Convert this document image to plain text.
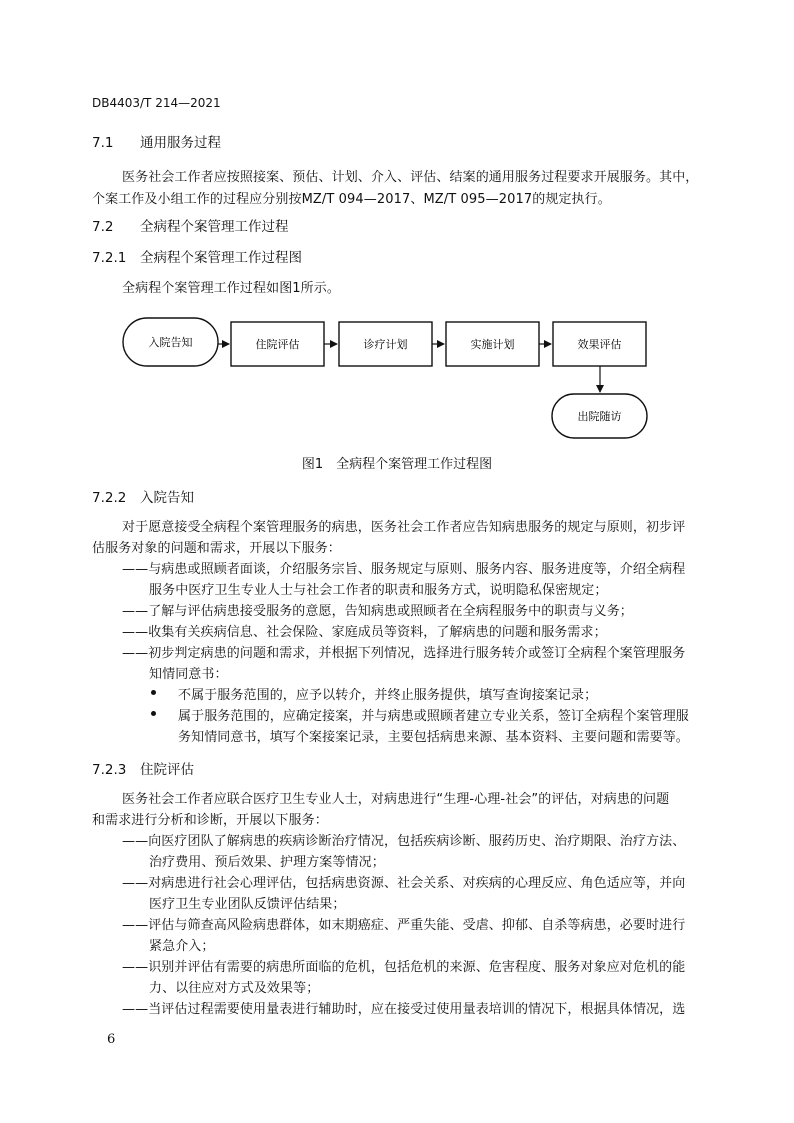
DB4403/T 214—2021
7.1 通用服务过程
医务社会工作者应按照接案、预估、计划、介入、评估、结案的通用服务过程要求开展服务。其中，
个案工作及小组工作的过程应分别按MZ/T 094—2017、MZ/T 095—2017的规定执行。
7.2 全病程个案管理工作过程
7.2.1 全病程个案管理工作过程图
全病程个案管理工作过程如图1所示。
入院告知	住院评估	诊疗计划	实施计划	效果评估
出院随访
图1　全病程个案管理工作过程图
7.2.2 入院告知
对于愿意接受全病程个案管理服务的病患，医务社会工作者应告知病患服务的规定与原则，初步评
估服务对象的问题和需求，开展以下服务：
——与病患或照顾者面谈，介绍服务宗旨、服务规定与原则、服务内容、服务进度等，介绍全病程
服务中医疗卫生专业人士与社会工作者的职责和服务方式，说明隐私保密规定；
——了解与评估病患接受服务的意愿，告知病患或照顾者在全病程服务中的职责与义务；
——收集有关疾病信息、社会保险、家庭成员等资料，了解病患的问题和服务需求；
——初步判定病患的问题和需求，并根据下列情况，选择进行服务转介或签订全病程个案管理服务
知情同意书：
不属于服务范围的，应予以转介，并终止服务提供，填写查询接案记录；
属于服务范围的，应确定接案，并与病患或照顾者建立专业关系，签订全病程个案管理服
务知情同意书，填写个案接案记录，主要包括病患来源、基本资料、主要问题和需要等。
7.2.3 住院评估
医务社会工作者应联合医疗卫生专业人士，对病患进行“生理-心理-社会”的评估，对病患的问题
和需求进行分析和诊断，开展以下服务：
——向医疗团队了解病患的疾病诊断治疗情况，包括疾病诊断、服药历史、治疗期限、治疗方法、
治疗费用、预后效果、护理方案等情况；
——对病患进行社会心理评估，包括病患资源、社会关系、对疾病的心理反应、角色适应等，并向
医疗卫生专业团队反馈评估结果；
——评估与筛查高风险病患群体，如末期癌症、严重失能、受虐、抑郁、自杀等病患，必要时进行
紧急介入；
——识别并评估有需要的病患所面临的危机，包括危机的来源、危害程度、服务对象应对危机的能
力、以往应对方式及效果等；
——当评估过程需要使用量表进行辅助时，应在接受过使用量表培训的情况下，根据具体情况，选
6
